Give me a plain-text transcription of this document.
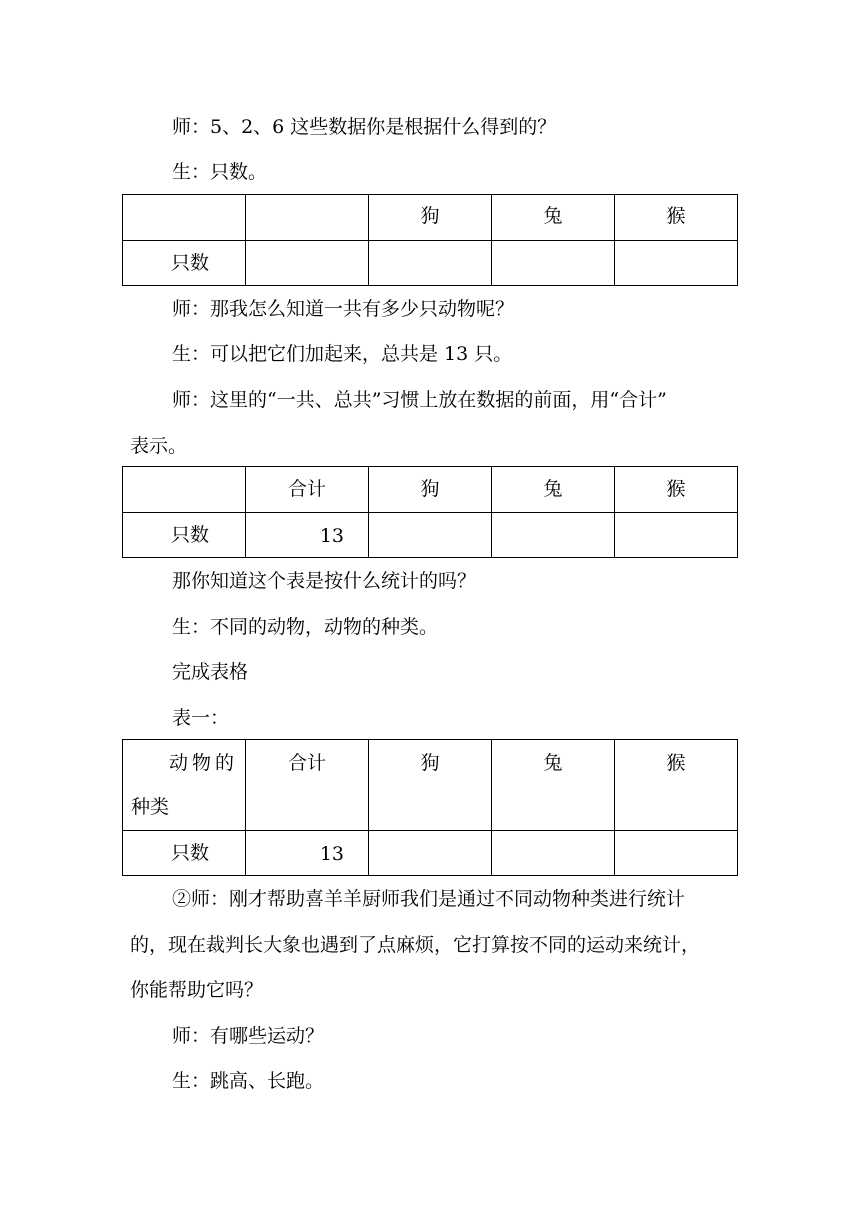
师：5、2、6 这些数据你是根据什么得到的？
生：只数。
		狗	兔	猴
只数				
师：那我怎么知道一共有多少只动物呢？
生：可以把它们加起来，总共是 13 只。
师：这里的“一共、总共”习惯上放在数据的前面，用“合计”
表示。
	合计	狗	兔	猴
只数	13			
那你知道这个表是按什么统计的吗？
生：不同的动物，动物的种类。
完成表格
表一：
动物的
种类	合计	狗	兔	猴
只数	13			
②师：刚才帮助喜羊羊厨师我们是通过不同动物种类进行统计
的，现在裁判长大象也遇到了点麻烦，它打算按不同的运动来统计，
你能帮助它吗？
师：有哪些运动？
生：跳高、长跑。
